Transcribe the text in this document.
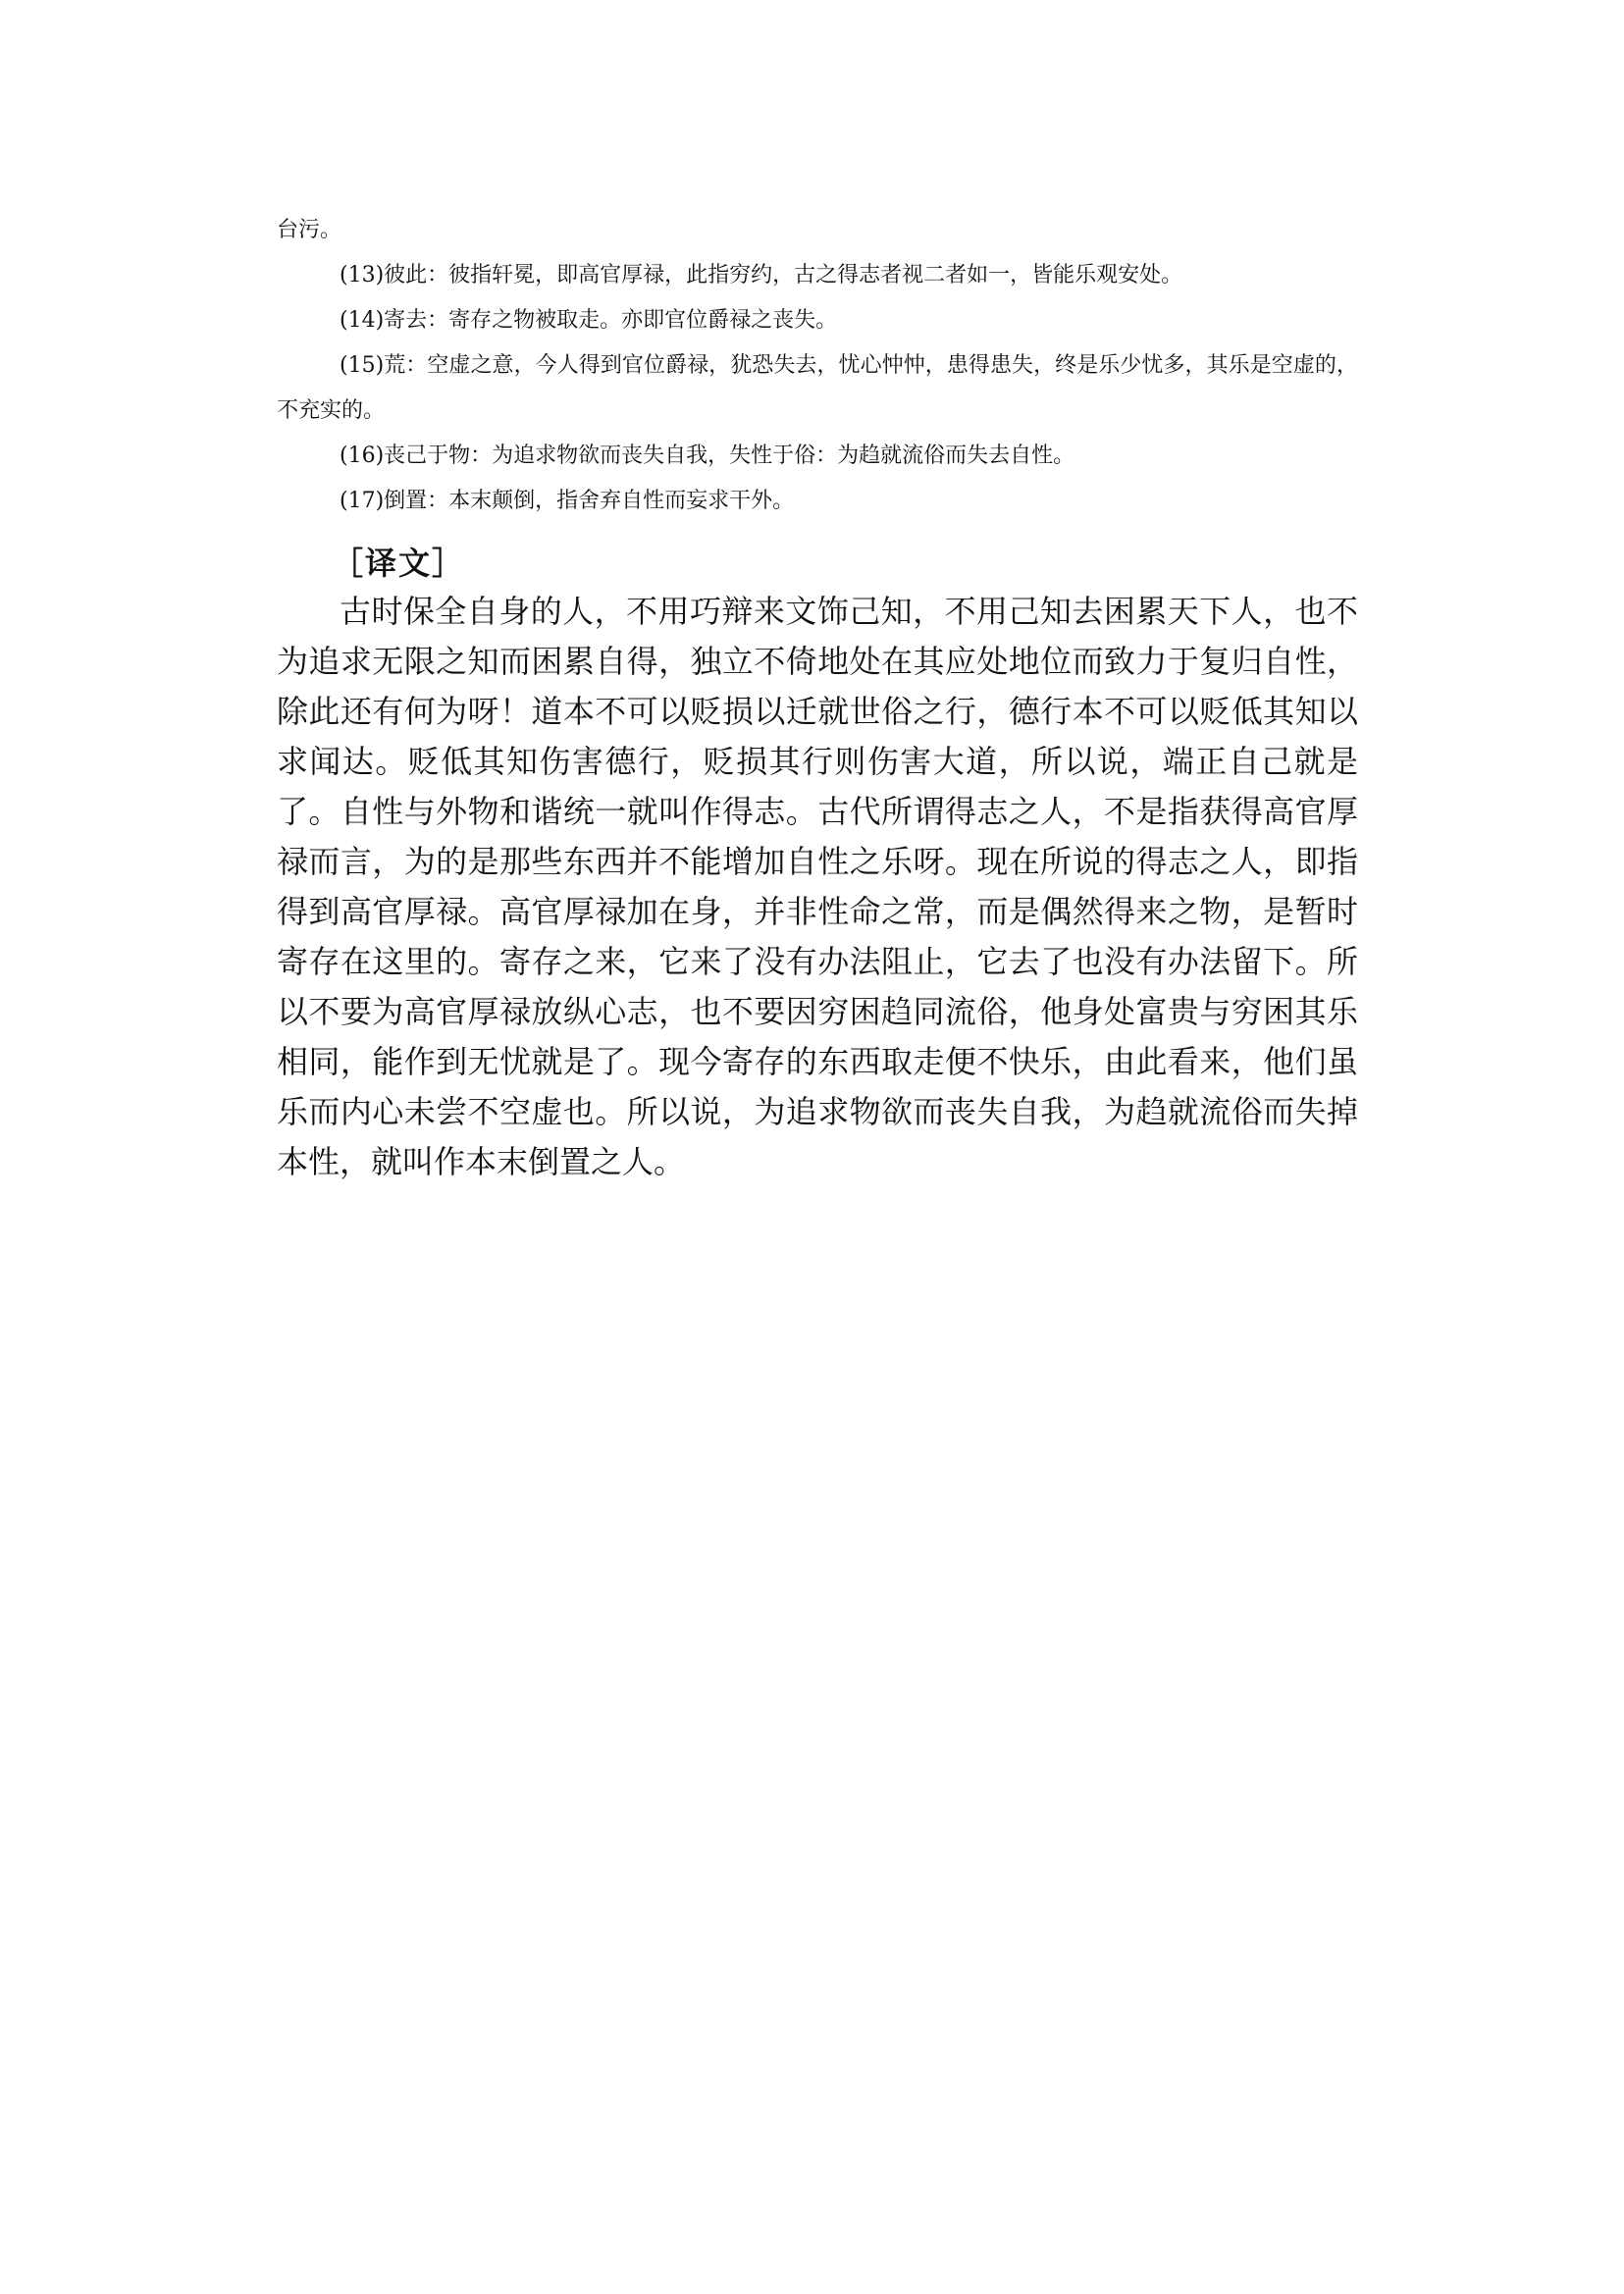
台污。

(13)彼此：彼指轩冕，即高官厚禄，此指穷约，古之得志者视二者如一，皆能乐观安处。

(14)寄去：寄存之物被取走。亦即官位爵禄之丧失。

(15)荒：空虚之意，今人得到官位爵禄，犹恐失去，忧心忡忡，患得患失，终是乐少忧多，其乐是空虚的，不充实的。

(16)丧己于物：为追求物欲而丧失自我，失性于俗：为趋就流俗而失去自性。

(17)倒置：本末颠倒，指舍弃自性而妄求干外。

［译文］

古时保全自身的人，不用巧辩来文饰己知，不用己知去困累天下人，也不为追求无限之知而困累自得，独立不倚地处在其应处地位而致力于复归自性，除此还有何为呀！道本不可以贬损以迁就世俗之行，德行本不可以贬低其知以求闻达。贬低其知伤害德行，贬损其行则伤害大道，所以说，端正自己就是了。自性与外物和谐统一就叫作得志。古代所谓得志之人，不是指获得高官厚禄而言，为的是那些东西并不能增加自性之乐呀。现在所说的得志之人，即指得到高官厚禄。高官厚禄加在身，并非性命之常，而是偶然得来之物，是暂时寄存在这里的。寄存之来，它来了没有办法阻止，它去了也没有办法留下。所以不要为高官厚禄放纵心志，也不要因穷困趋同流俗，他身处富贵与穷困其乐相同，能作到无忧就是了。现今寄存的东西取走便不快乐，由此看来，他们虽乐而内心未尝不空虚也。所以说，为追求物欲而丧失自我，为趋就流俗而失掉本性，就叫作本末倒置之人。
